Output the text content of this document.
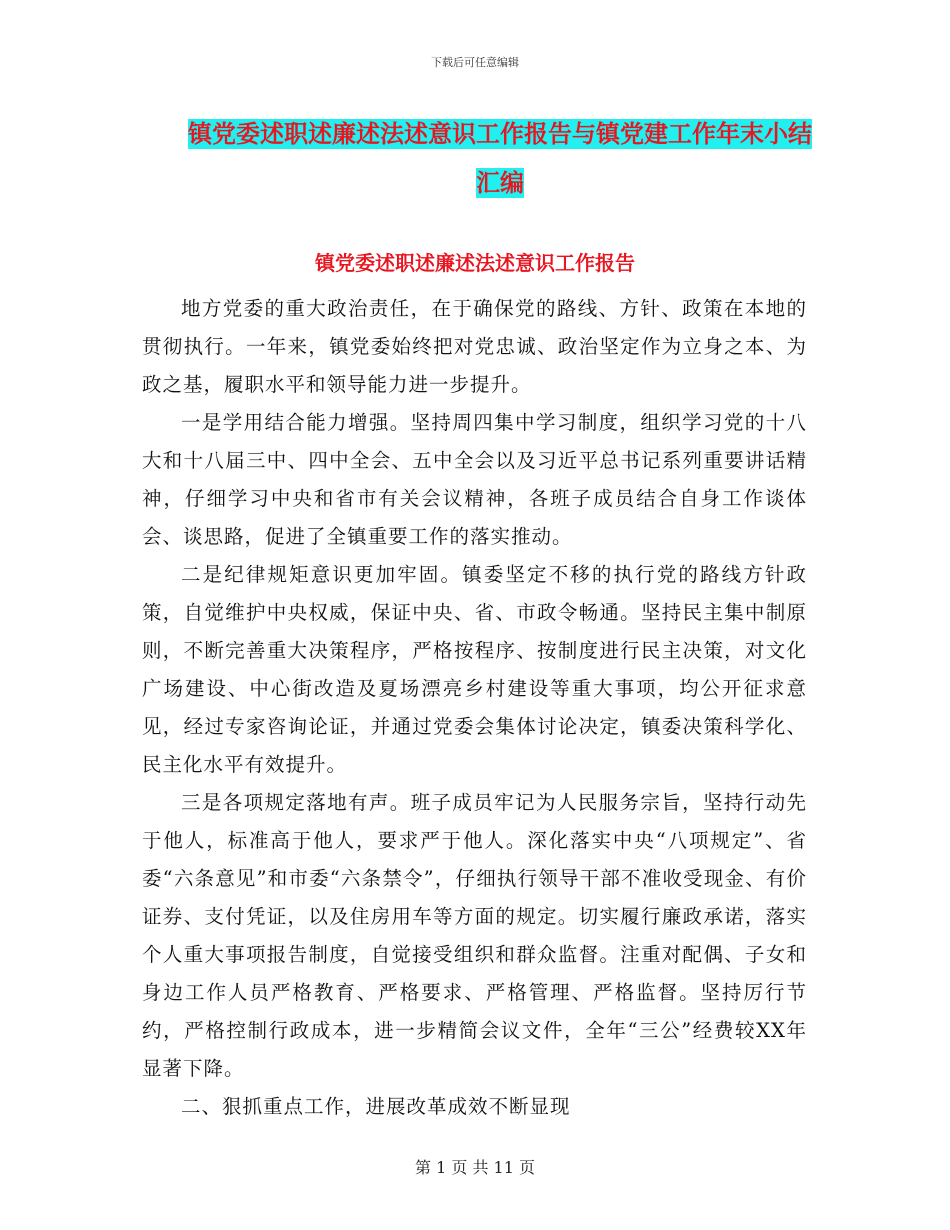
下载后可任意编辑
镇党委述职述廉述法述意识工作报告与镇党建工作年末小结汇编
镇党委述职述廉述法述意识工作报告

地方党委的重大政治责任，在于确保党的路线、方针、政策在本地的贯彻执行。一年来，镇党委始终把对党忠诚、政治坚定作为立身之本、为政之基，履职水平和领导能力进一步提升。

一是学用结合能力增强。坚持周四集中学习制度，组织学习党的十八大和十八届三中、四中全会、五中全会以及习近平总书记系列重要讲话精神，仔细学习中央和省市有关会议精神，各班子成员结合自身工作谈体会、谈思路，促进了全镇重要工作的落实推动。

二是纪律规矩意识更加牢固。镇委坚定不移的执行党的路线方针政策，自觉维护中央权威，保证中央、省、市政令畅通。坚持民主集中制原则，不断完善重大决策程序，严格按程序、按制度进行民主决策，对文化广场建设、中心街改造及夏场漂亮乡村建设等重大事项，均公开征求意见，经过专家咨询论证，并通过党委会集体讨论决定，镇委决策科学化、民主化水平有效提升。

三是各项规定落地有声。班子成员牢记为人民服务宗旨，坚持行动先于他人，标准高于他人，要求严于他人。深化落实中央“八项规定”、省委“六条意见”和市委“六条禁令”，仔细执行领导干部不准收受现金、有价证券、支付凭证，以及住房用车等方面的规定。切实履行廉政承诺，落实个人重大事项报告制度，自觉接受组织和群众监督。注重对配偶、子女和身边工作人员严格教育、严格要求、严格管理、严格监督。坚持厉行节约，严格控制行政成本，进一步精简会议文件，全年“三公”经费较XX年显著下降。

二、狠抓重点工作，进展改革成效不断显现

第 1 页 共 11 页
